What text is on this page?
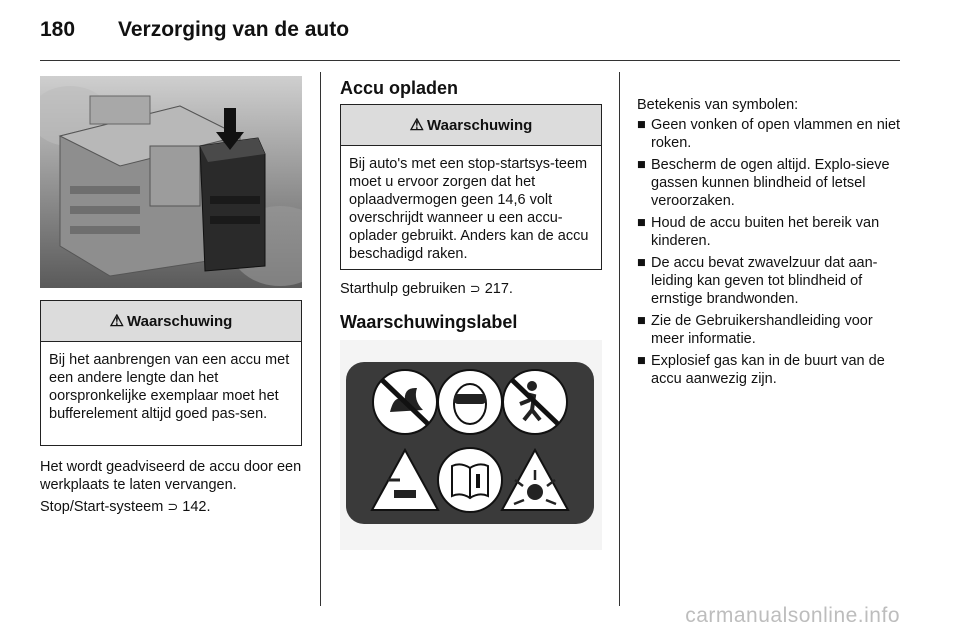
180 Verzorging van de auto
⚠ Waarschuwing
Bij het aanbrengen van een accu met een andere lengte dan het oorspronkelijke exemplaar moet het bufferelement altijd goed pas-sen.

Het wordt geadviseerd de accu door een werkplaats te laten vervangen.

Stop/Start-systeem ⊃ 142.

Accu opladen
⚠ Waarschuwing
Bij auto's met een stop-startsys-teem moet u ervoor zorgen dat het oplaadvermogen geen 14,6 volt overschrijdt wanneer u een accu-oplader gebruikt. Anders kan de accu beschadigd raken.

Starthulp gebruiken ⊃ 217.

Waarschuwingslabel

Betekenis van symbolen:

■ Geen vonken of open vlammen en niet roken.
■ Bescherm de ogen altijd. Explo-sieve gassen kunnen blindheid of letsel veroorzaken.
■ Houd de accu buiten het bereik van kinderen.
■ De accu bevat zwavelzuur dat aan-leiding kan geven tot blindheid of ernstige brandwonden.
■ Zie de Gebruikershandleiding voor meer informatie.
■ Explosief gas kan in de buurt van de accu aanwezig zijn.
carmanualsonline.info
